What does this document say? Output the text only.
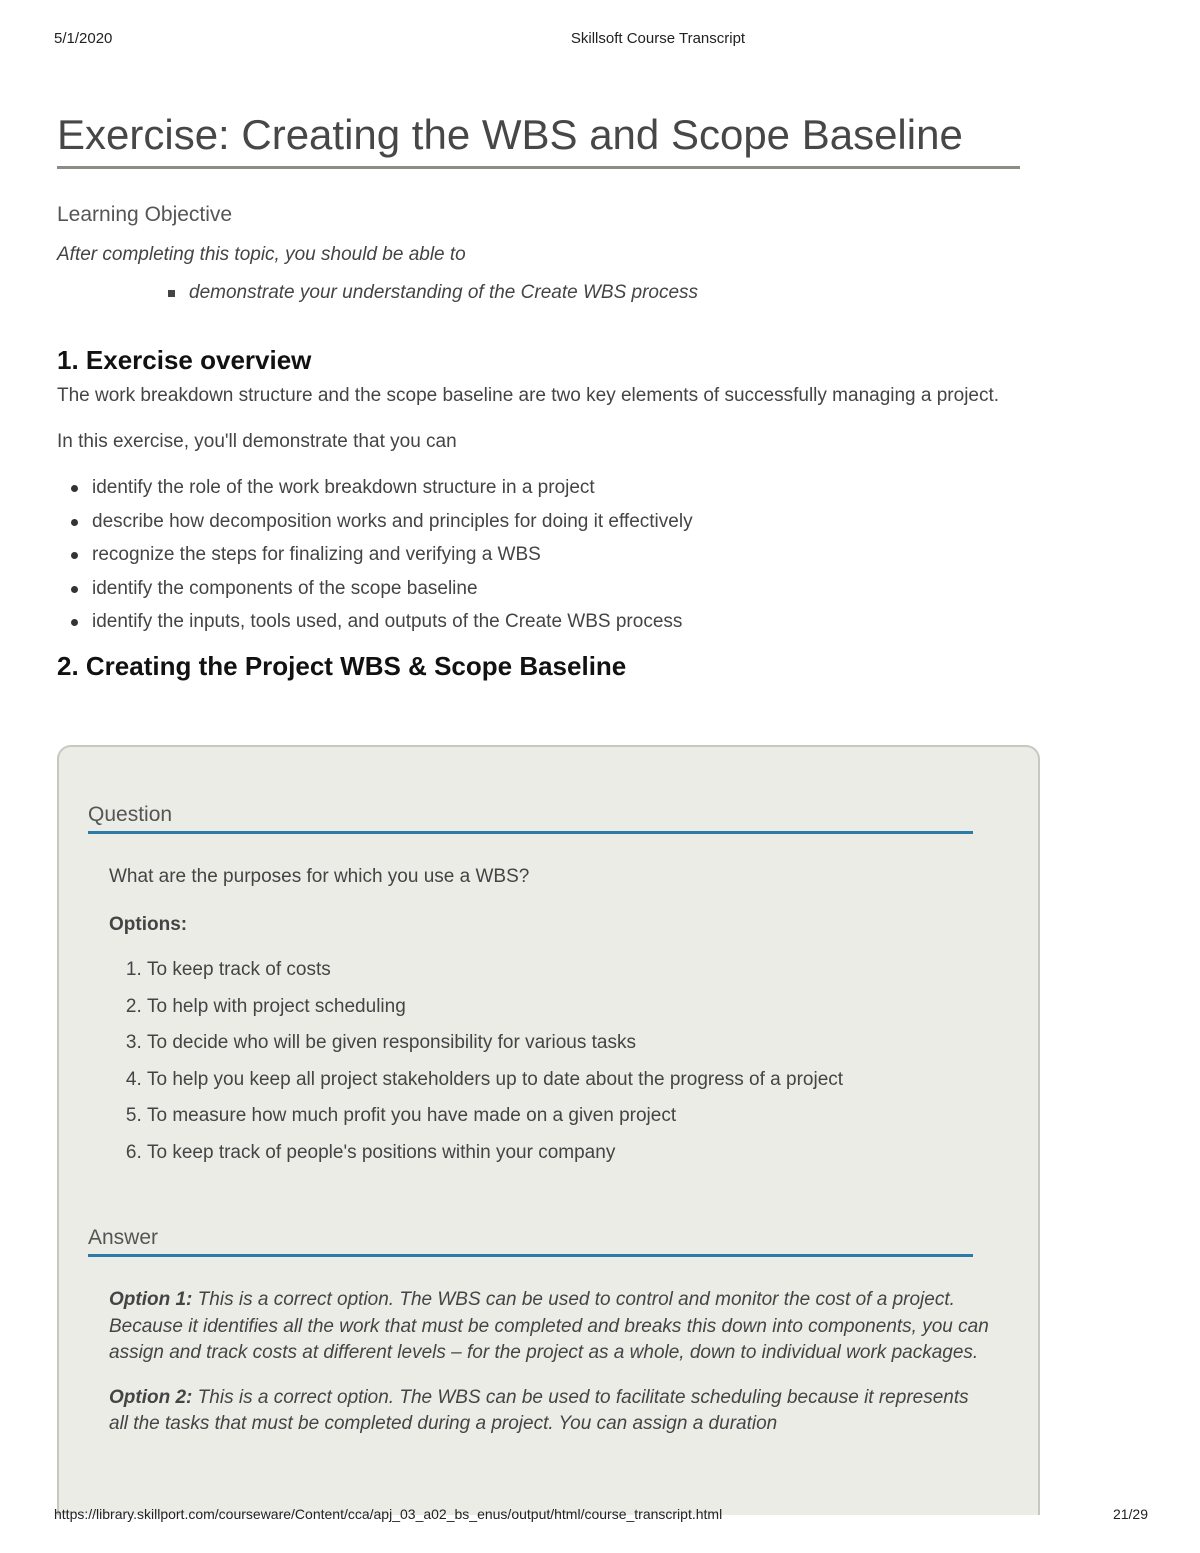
5/1/2020	Skillsoft Course Transcript
Exercise: Creating the WBS and Scope Baseline
Learning Objective
After completing this topic, you should be able to
demonstrate your understanding of the Create WBS process
1. Exercise overview

The work breakdown structure and the scope baseline are two key elements of successfully managing a project.

In this exercise, you'll demonstrate that you can

identify the role of the work breakdown structure in a project
describe how decomposition works and principles for doing it effectively
recognize the steps for finalizing and verifying a WBS
identify the components of the scope baseline
identify the inputs, tools used, and outputs of the Create WBS process
2. Creating the Project WBS & Scope Baseline
Question
What are the purposes for which you use a WBS?
Options:
1. To keep track of costs
2. To help with project scheduling
3. To decide who will be given responsibility for various tasks
4. To help you keep all project stakeholders up to date about the progress of a project
5. To measure how much profit you have made on a given project
6. To keep track of people's positions within your company
Answer

Option 1: This is a correct option. The WBS can be used to control and monitor the cost of a project. Because it identifies all the work that must be completed and breaks this down into components, you can assign and track costs at different levels – for the project as a whole, down to individual work packages.

Option 2: This is a correct option. The WBS can be used to facilitate scheduling because it represents all the tasks that must be completed during a project. You can assign a duration

https://library.skillport.com/courseware/Content/cca/apj_03_a02_bs_enus/output/html/course_transcript.html	21/29
